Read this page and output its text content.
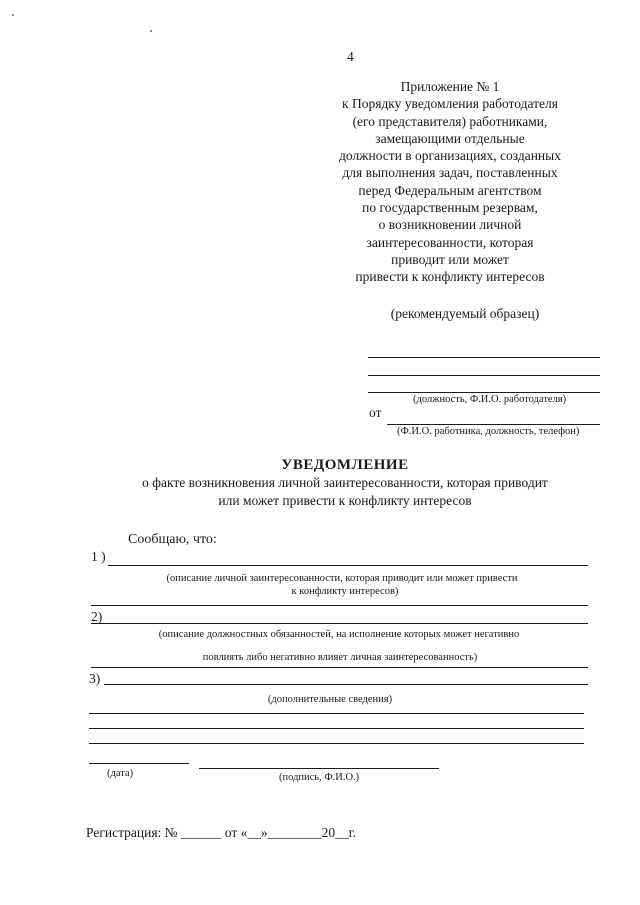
4
Приложение № 1
к Порядку уведомления работодателя
(его представителя) работниками,
замещающими отдельные
должности в организациях, созданных
для выполнения задач, поставленных
перед Федеральным агентством
по государственным резервам,
о возникновении личной
заинтересованности, которая
приводит или может
привести к конфликту интересов
(рекомендуемый образец)
(должность, Ф.И.О. работодателя)
от
(Ф.И.О. работника, должность, телефон)
УВЕДОМЛЕНИЕ
о факте возникновения личной заинтересованности, которая приводит
или может привести к конфликту интересов
Сообщаю, что:
1 )
(описание личной заинтересованности, которая приводит или может привести
к конфликту интересов)
2)
(описание должностных обязанностей, на исполнение которых может негативно
повлиять либо негативно влияет личная заинтересованность)
3)
(дополнительные сведения)
(дата)	(подпись, Ф.И.О.)
Регистрация: № ______ от «__»________20__г.
